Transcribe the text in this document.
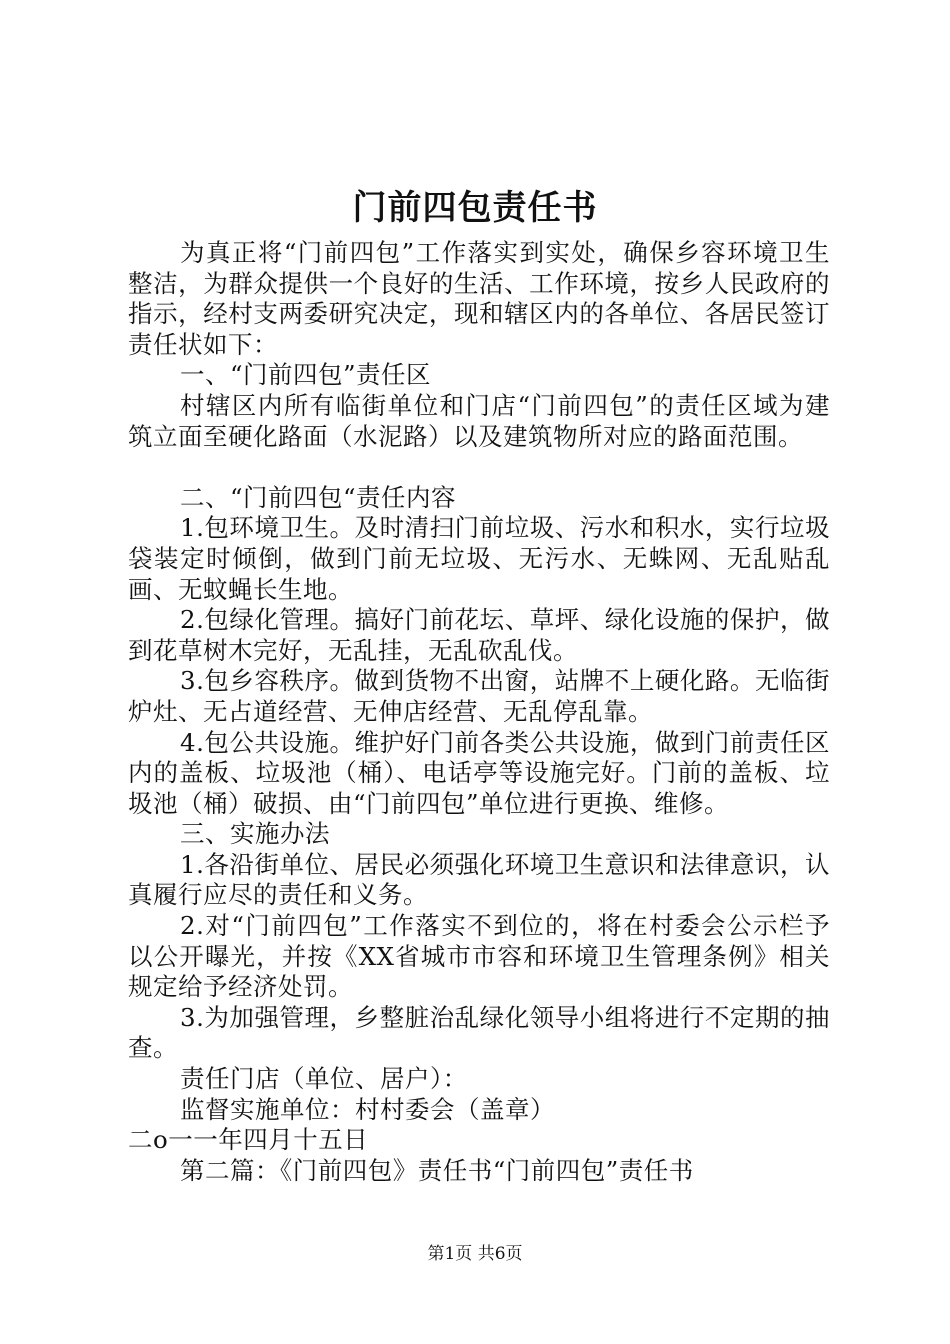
门前四包责任书

为真正将“门前四包”工作落实到实处，确保乡容环境卫生整洁，为群众提供一个良好的生活、工作环境，按乡人民政府的指示，经村支两委研究决定，现和辖区内的各单位、各居民签订责任状如下：

一、“门前四包”责任区

村辖区内所有临街单位和门店“门前四包”的责任区域为建筑立面至硬化路面（水泥路）以及建筑物所对应的路面范围。

二、“门前四包“责任内容

1.包环境卫生。及时清扫门前垃圾、污水和积水，实行垃圾袋装定时倾倒，做到门前无垃圾、无污水、无蛛网、无乱贴乱画、无蚊蝇长生地。

2.包绿化管理。搞好门前花坛、草坪、绿化设施的保护，做到花草树木完好，无乱挂，无乱砍乱伐。

3.包乡容秩序。做到货物不出窗，站牌不上硬化路。无临街炉灶、无占道经营、无伸店经营、无乱停乱靠。

4.包公共设施。维护好门前各类公共设施，做到门前责任区内的盖板、垃圾池（桶）、电话亭等设施完好。门前的盖板、垃圾池（桶）破损、由“门前四包”单位进行更换、维修。

三、实施办法

1.各沿街单位、居民必须强化环境卫生意识和法律意识，认真履行应尽的责任和义务。

2.对“门前四包”工作落实不到位的，将在村委会公示栏予以公开曝光，并按《XX省城市市容和环境卫生管理条例》相关规定给予经济处罚。

3.为加强管理，乡整脏治乱绿化领导小组将进行不定期的抽查。

责任门店（单位、居户）：

监督实施单位：村村委会（盖章）

二o一一年四月十五日

第二篇：《门前四包》责任书“门前四包”责任书

第1页 共6页
